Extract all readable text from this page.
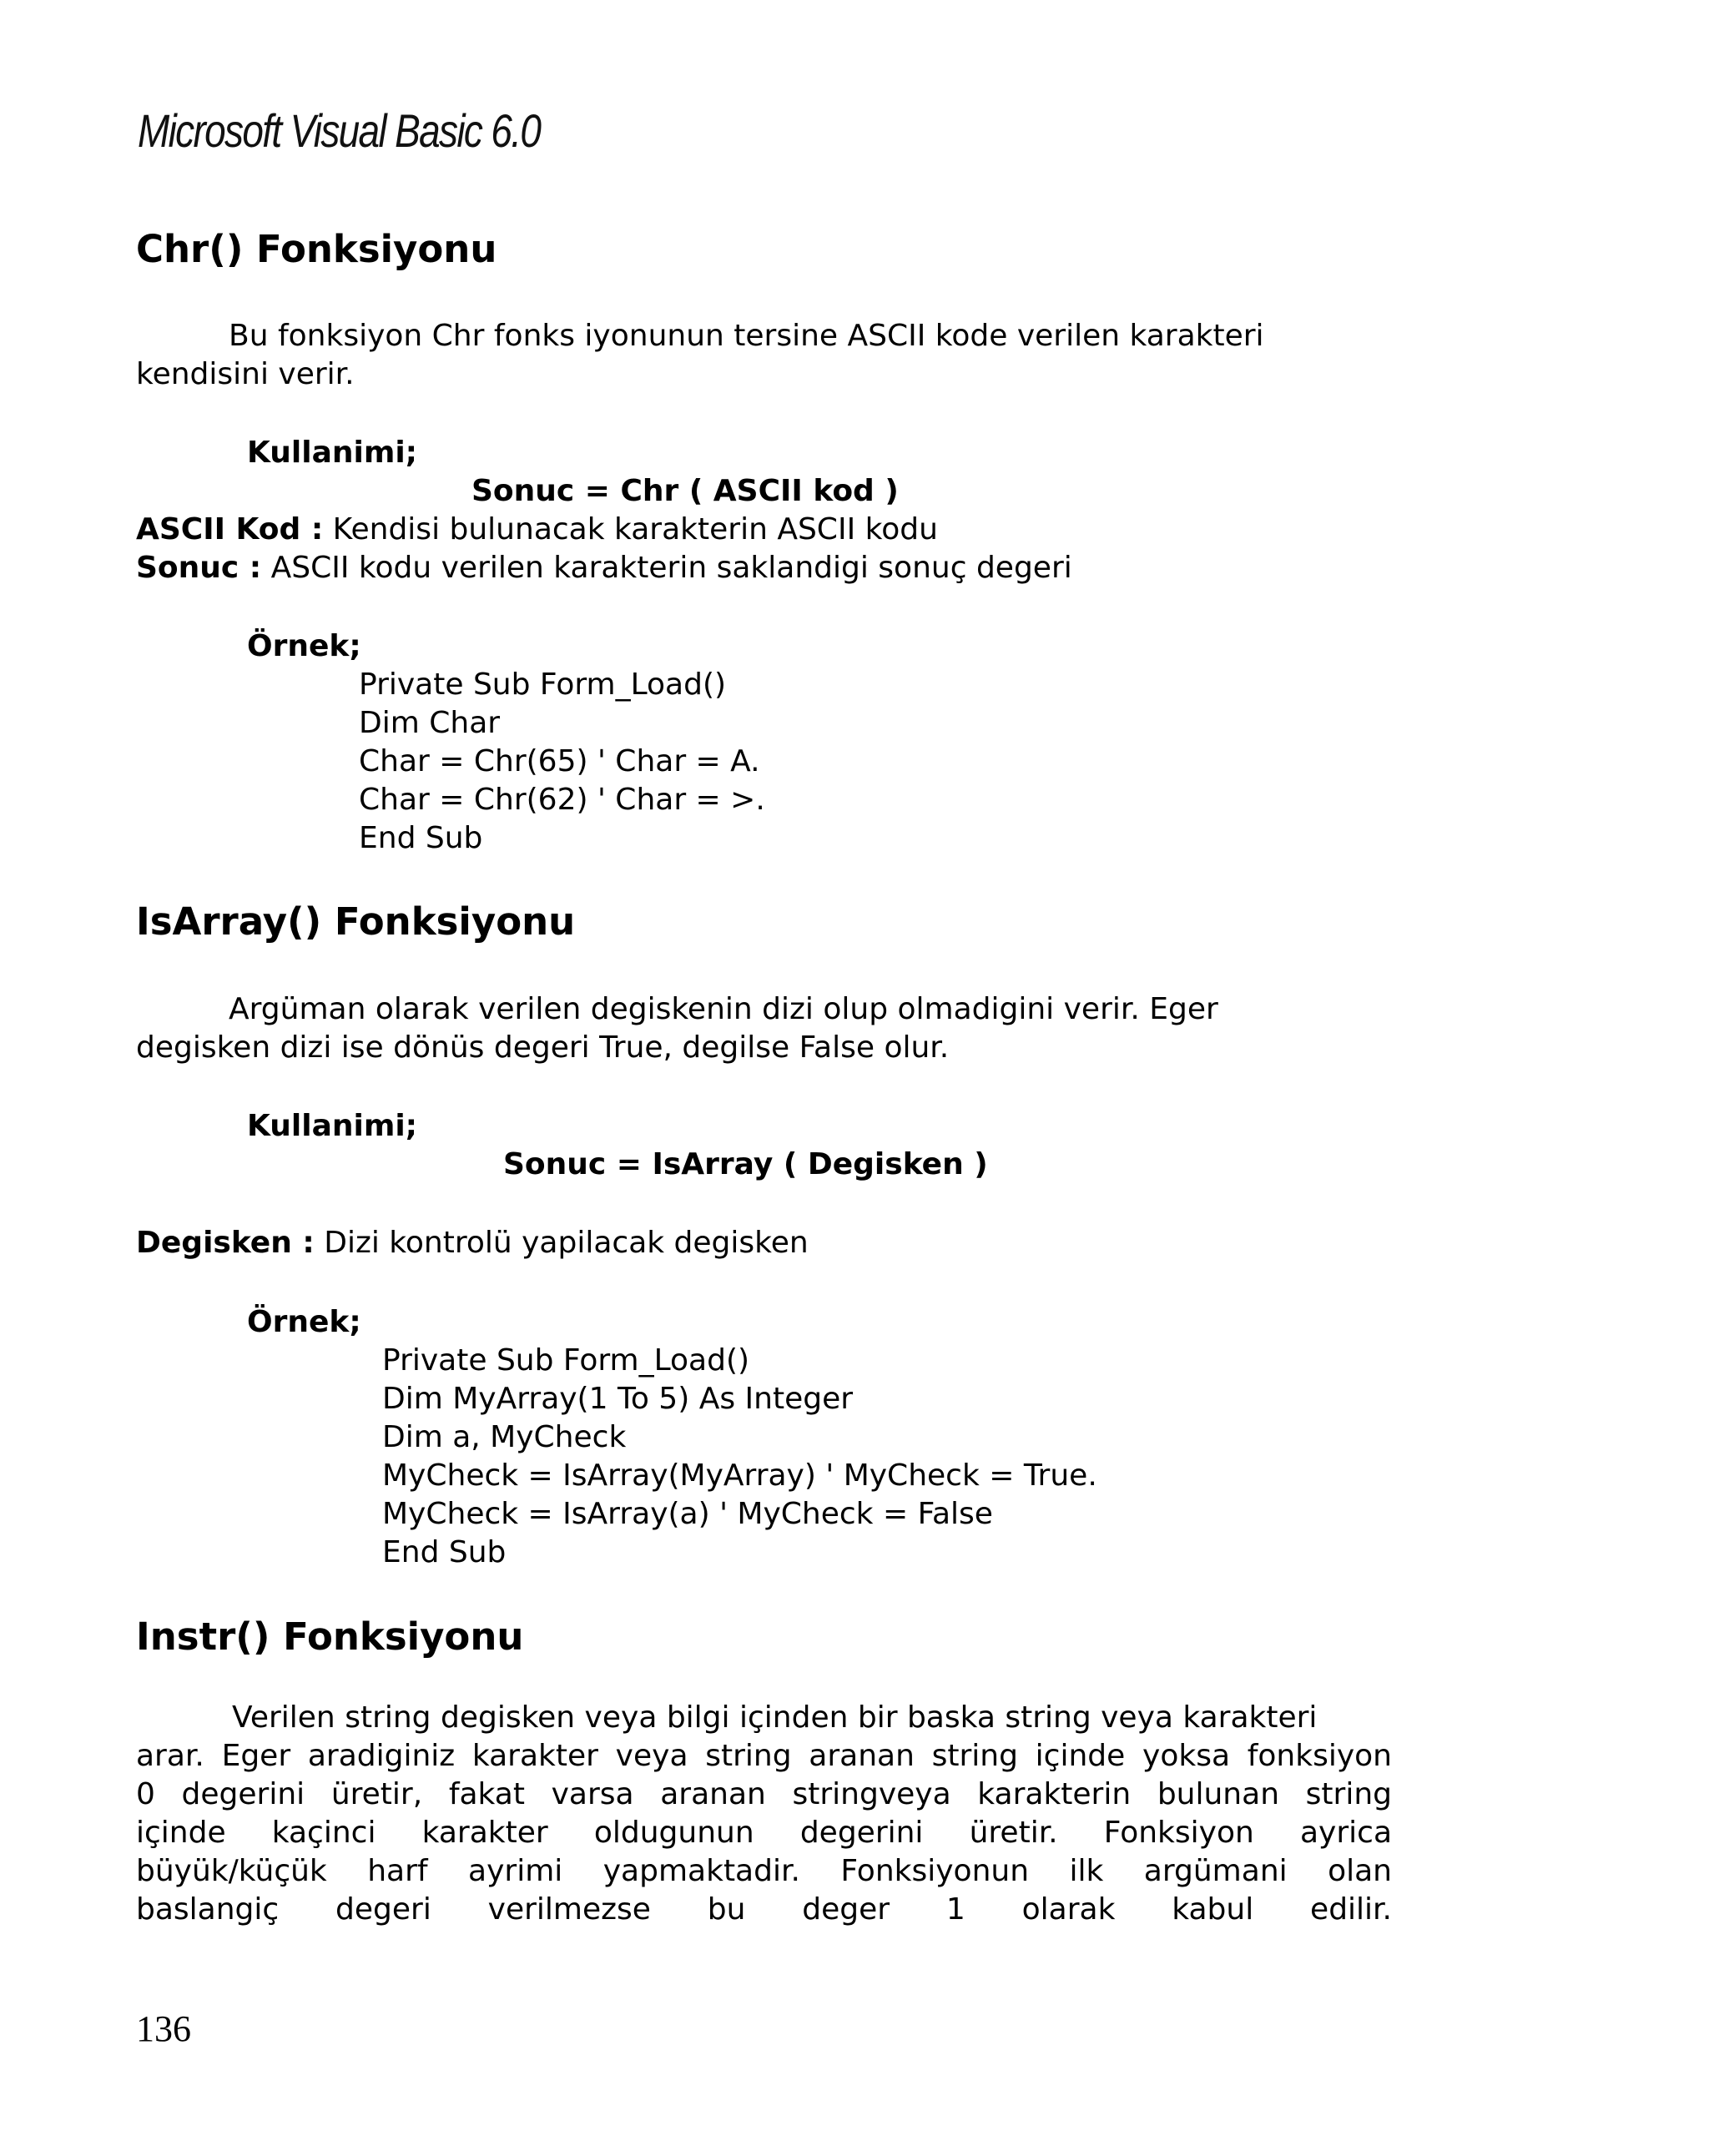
Microsoft Visual Basic 6.0
Chr() Fonksiyonu
Bu fonksiyon Chr fonks iyonunun tersine ASCII kode verilen karakteri
kendisini verir.
Kullanimi;
Sonuc = Chr ( ASCII kod )
ASCII Kod : Kendisi bulunacak karakterin ASCII kodu
Sonuc : ASCII kodu verilen karakterin saklandigi sonuç degeri
Örnek;
Private Sub Form_Load()
Dim Char
Char = Chr(65) ' Char = A.
Char = Chr(62) ' Char = >.
End Sub
IsArray() Fonksiyonu
Argüman olarak verilen degiskenin dizi olup olmadigini verir. Eger
degisken dizi ise dönüs degeri True, degilse False olur.
Kullanimi;
Sonuc = IsArray ( Degisken )
Degisken : Dizi kontrolü yapilacak degisken
Örnek;
Private Sub Form_Load()
Dim MyArray(1 To 5) As Integer
Dim a, MyCheck
MyCheck = IsArray(MyArray) ' MyCheck = True.
MyCheck = IsArray(a) ' MyCheck = False
End Sub
Instr() Fonksiyonu
Verilen string degisken veya bilgi içinden bir baska string veya karakteri
arar. Eger aradiginiz karakter veya string aranan string içinde yoksa fonksiyon
0 degerini üretir, fakat varsa aranan stringveya karakterin bulunan string
içinde kaçinci karakter oldugunun degerini üretir. Fonksiyon ayrica
büyük/küçük harf ayrimi yapmaktadir. Fonksiyonun ilk argümani olan
baslangiç degeri verilmezse bu deger 1 olarak kabul edilir.
136
